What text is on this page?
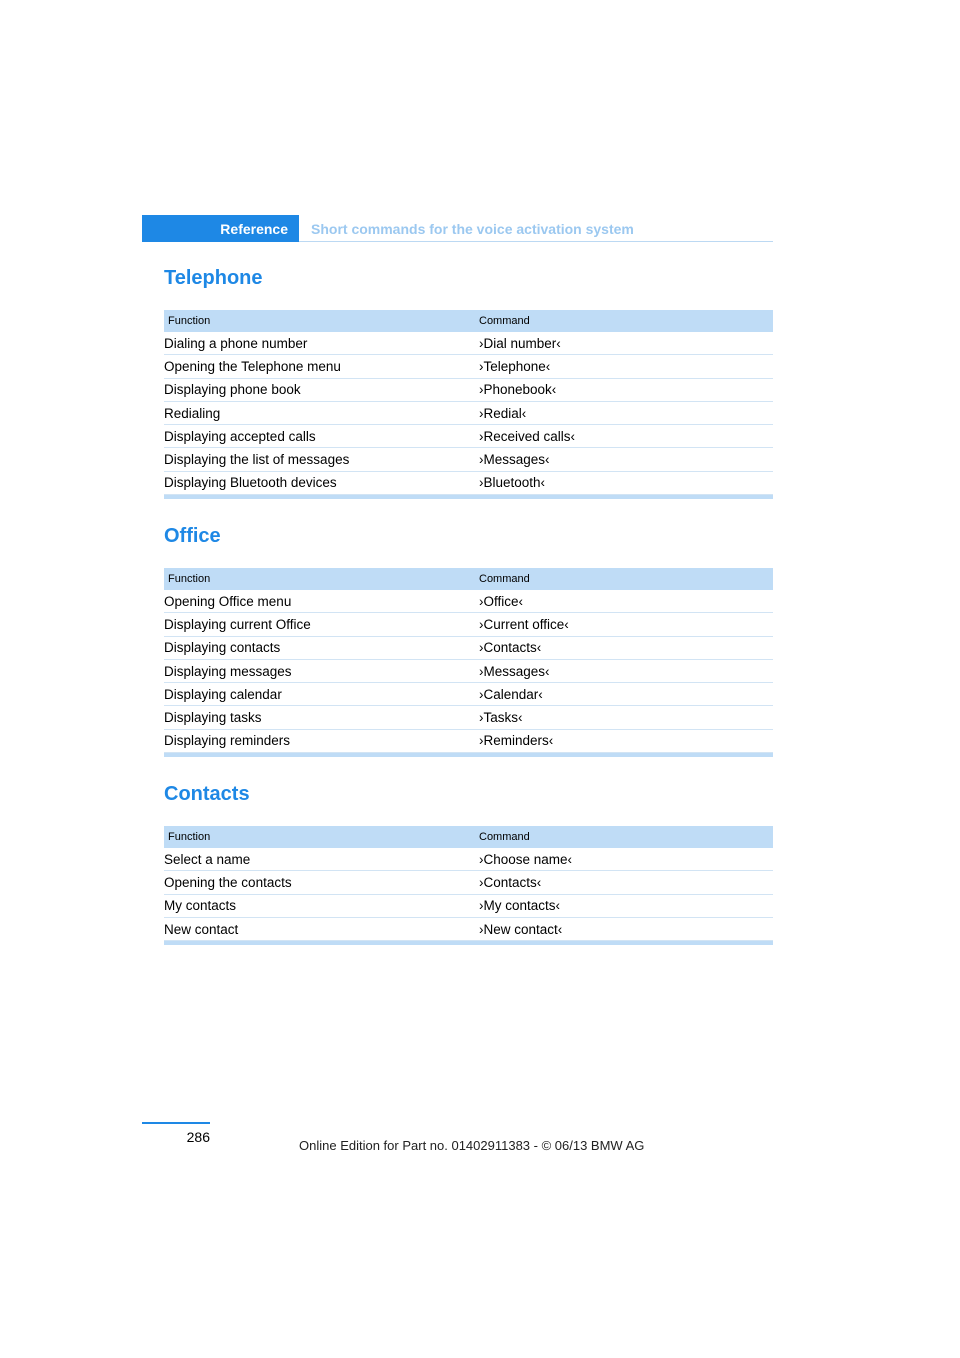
Reference	Short commands for the voice activation system
Telephone
Function	Command
Dialing a phone number	›Dial number‹
Opening the Telephone menu	›Telephone‹
Displaying phone book	›Phonebook‹
Redialing	›Redial‹
Displaying accepted calls	›Received calls‹
Displaying the list of messages	›Messages‹
Displaying Bluetooth devices	›Bluetooth‹
Office
Function	Command
Opening Office menu	›Office‹
Displaying current Office	›Current office‹
Displaying contacts	›Contacts‹
Displaying messages	›Messages‹
Displaying calendar	›Calendar‹
Displaying tasks	›Tasks‹
Displaying reminders	›Reminders‹
Contacts
Function	Command
Select a name	›Choose name‹
Opening the contacts	›Contacts‹
My contacts	›My contacts‹
New contact	›New contact‹
286
Online Edition for Part no. 01402911383 - © 06/13 BMW AG
